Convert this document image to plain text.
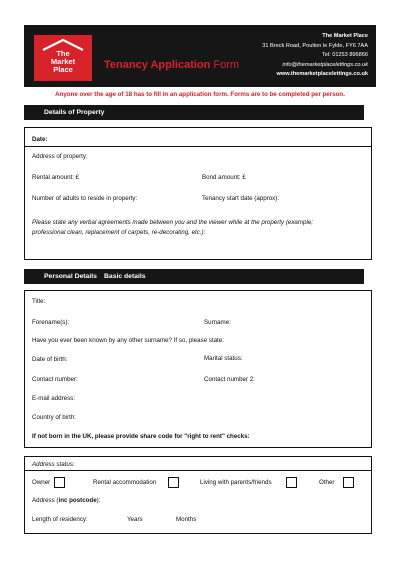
The
Market
Place	Tenancy Application Form
The Market Place
31 Breck Road, Poulton le Fylde, FY6 7AA
Tel: 01253 896866
info@themarketplacelettings.co.uk
www.themarketplacelettings.co.uk
Anyone over the age of 18 has to fill in an application form. Forms are to be completed per person.
Details of Property
Date:
Address of property:
Rental amount: £	Bond amount: £
Number of adults to reside in property:	Tenancy start date (approx):
Please state any verbal agreements made between you and the viewer while at the property (example;
professional clean, replacement of carpets, re-decorating, etc.):
Personal Details Basic details
Title:
Forename(s):	Surname:
Have you ever been known by any other surname? If so, please state:
Date of birth:	Marital status:
Contact number:	Contact number 2:
E-mail address:
Country of birth:
If not born in the UK, please provide share code for "right to rent" checks:
Address status:
Owner	Rental accommodation	Living with parents/friends	Other
Address (inc postcode):
Length of residency:	Years	Months
